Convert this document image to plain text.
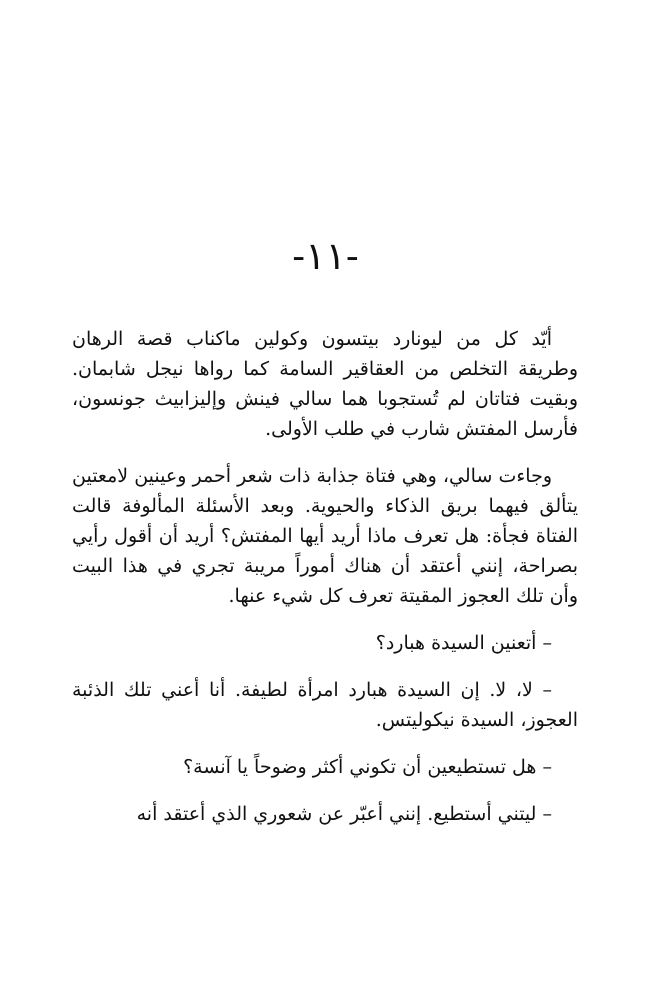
-١١-

أيّد كل من ليونارد بيتسون وكولين ماكناب قصة الرهان وطريقة التخلص من العقاقير السامة كما رواها نيجل شابمان. وبقيت فتاتان لم تُستجوبا هما سالي فينش وإليزابيث جونسون، فأرسل المفتش شارب في طلب الأولى.

وجاءت سالي، وهي فتاة جذابة ذات شعر أحمر وعينين لامعتين يتألق فيهما بريق الذكاء والحيوية. وبعد الأسئلة المألوفة قالت الفتاة فجأة: هل تعرف ماذا أريد أيها المفتش؟ أريد أن أقول رأيي بصراحة، إنني أعتقد أن هناك أموراً مريبة تجري في هذا البيت وأن تلك العجوز المقيتة تعرف كل شيء عنها.

– أتعنين السيدة هبارد؟

– لا، لا. إن السيدة هبارد امرأة لطيفة. أنا أعني تلك الذئبة العجوز، السيدة نيكوليتس.

– هل تستطيعين أن تكوني أكثر وضوحاً يا آنسة؟

– ليتني أستطيع. إنني أعبّر عن شعوري الذي أعتقد أنه
